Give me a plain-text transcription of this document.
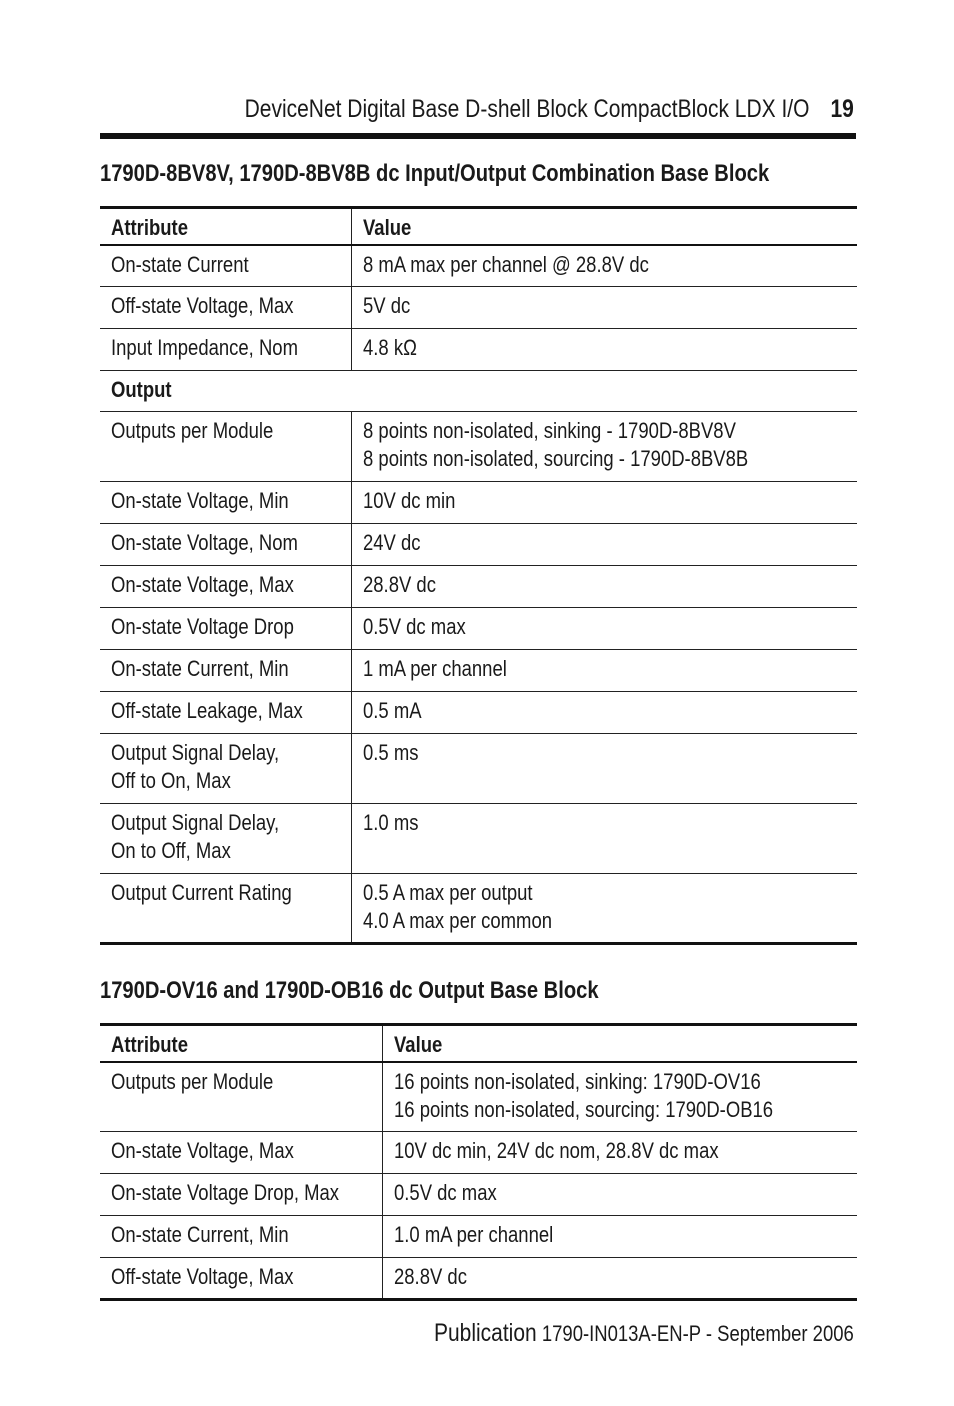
DeviceNet Digital Base D-shell Block CompactBlock LDX I/O 19
1790D-8BV8V, 1790D-8BV8B dc Input/Output Combination Base Block
Attribute	Value
On-state Current	8 mA max per channel @ 28.8V dc
Off-state Voltage, Max	5V dc
Input Impedance, Nom	4.8 kΩ
Output	
Outputs per Module	8 points non-isolated, sinking - 1790D-8BV8V
8 points non-isolated, sourcing - 1790D-8BV8B
On-state Voltage, Min	10V dc min
On-state Voltage, Nom	24V dc
On-state Voltage, Max	28.8V dc
On-state Voltage Drop	0.5V dc max
On-state Current, Min	1 mA per channel
Off-state Leakage, Max	0.5 mA
Output Signal Delay,
Off to On, Max	0.5 ms
Output Signal Delay,
On to Off, Max	1.0 ms
Output Current Rating	0.5 A max per output
4.0 A max per common
1790D-OV16 and 1790D-OB16 dc Output Base Block
Attribute	Value
Outputs per Module	16 points non-isolated, sinking: 1790D-OV16
16 points non-isolated, sourcing: 1790D-OB16
On-state Voltage, Max	10V dc min, 24V dc nom, 28.8V dc max
On-state Voltage Drop, Max	0.5V dc max
On-state Current, Min	1.0 mA per channel
Off-state Voltage, Max	28.8V dc
Publication 1790-IN013A-EN-P - September 2006
